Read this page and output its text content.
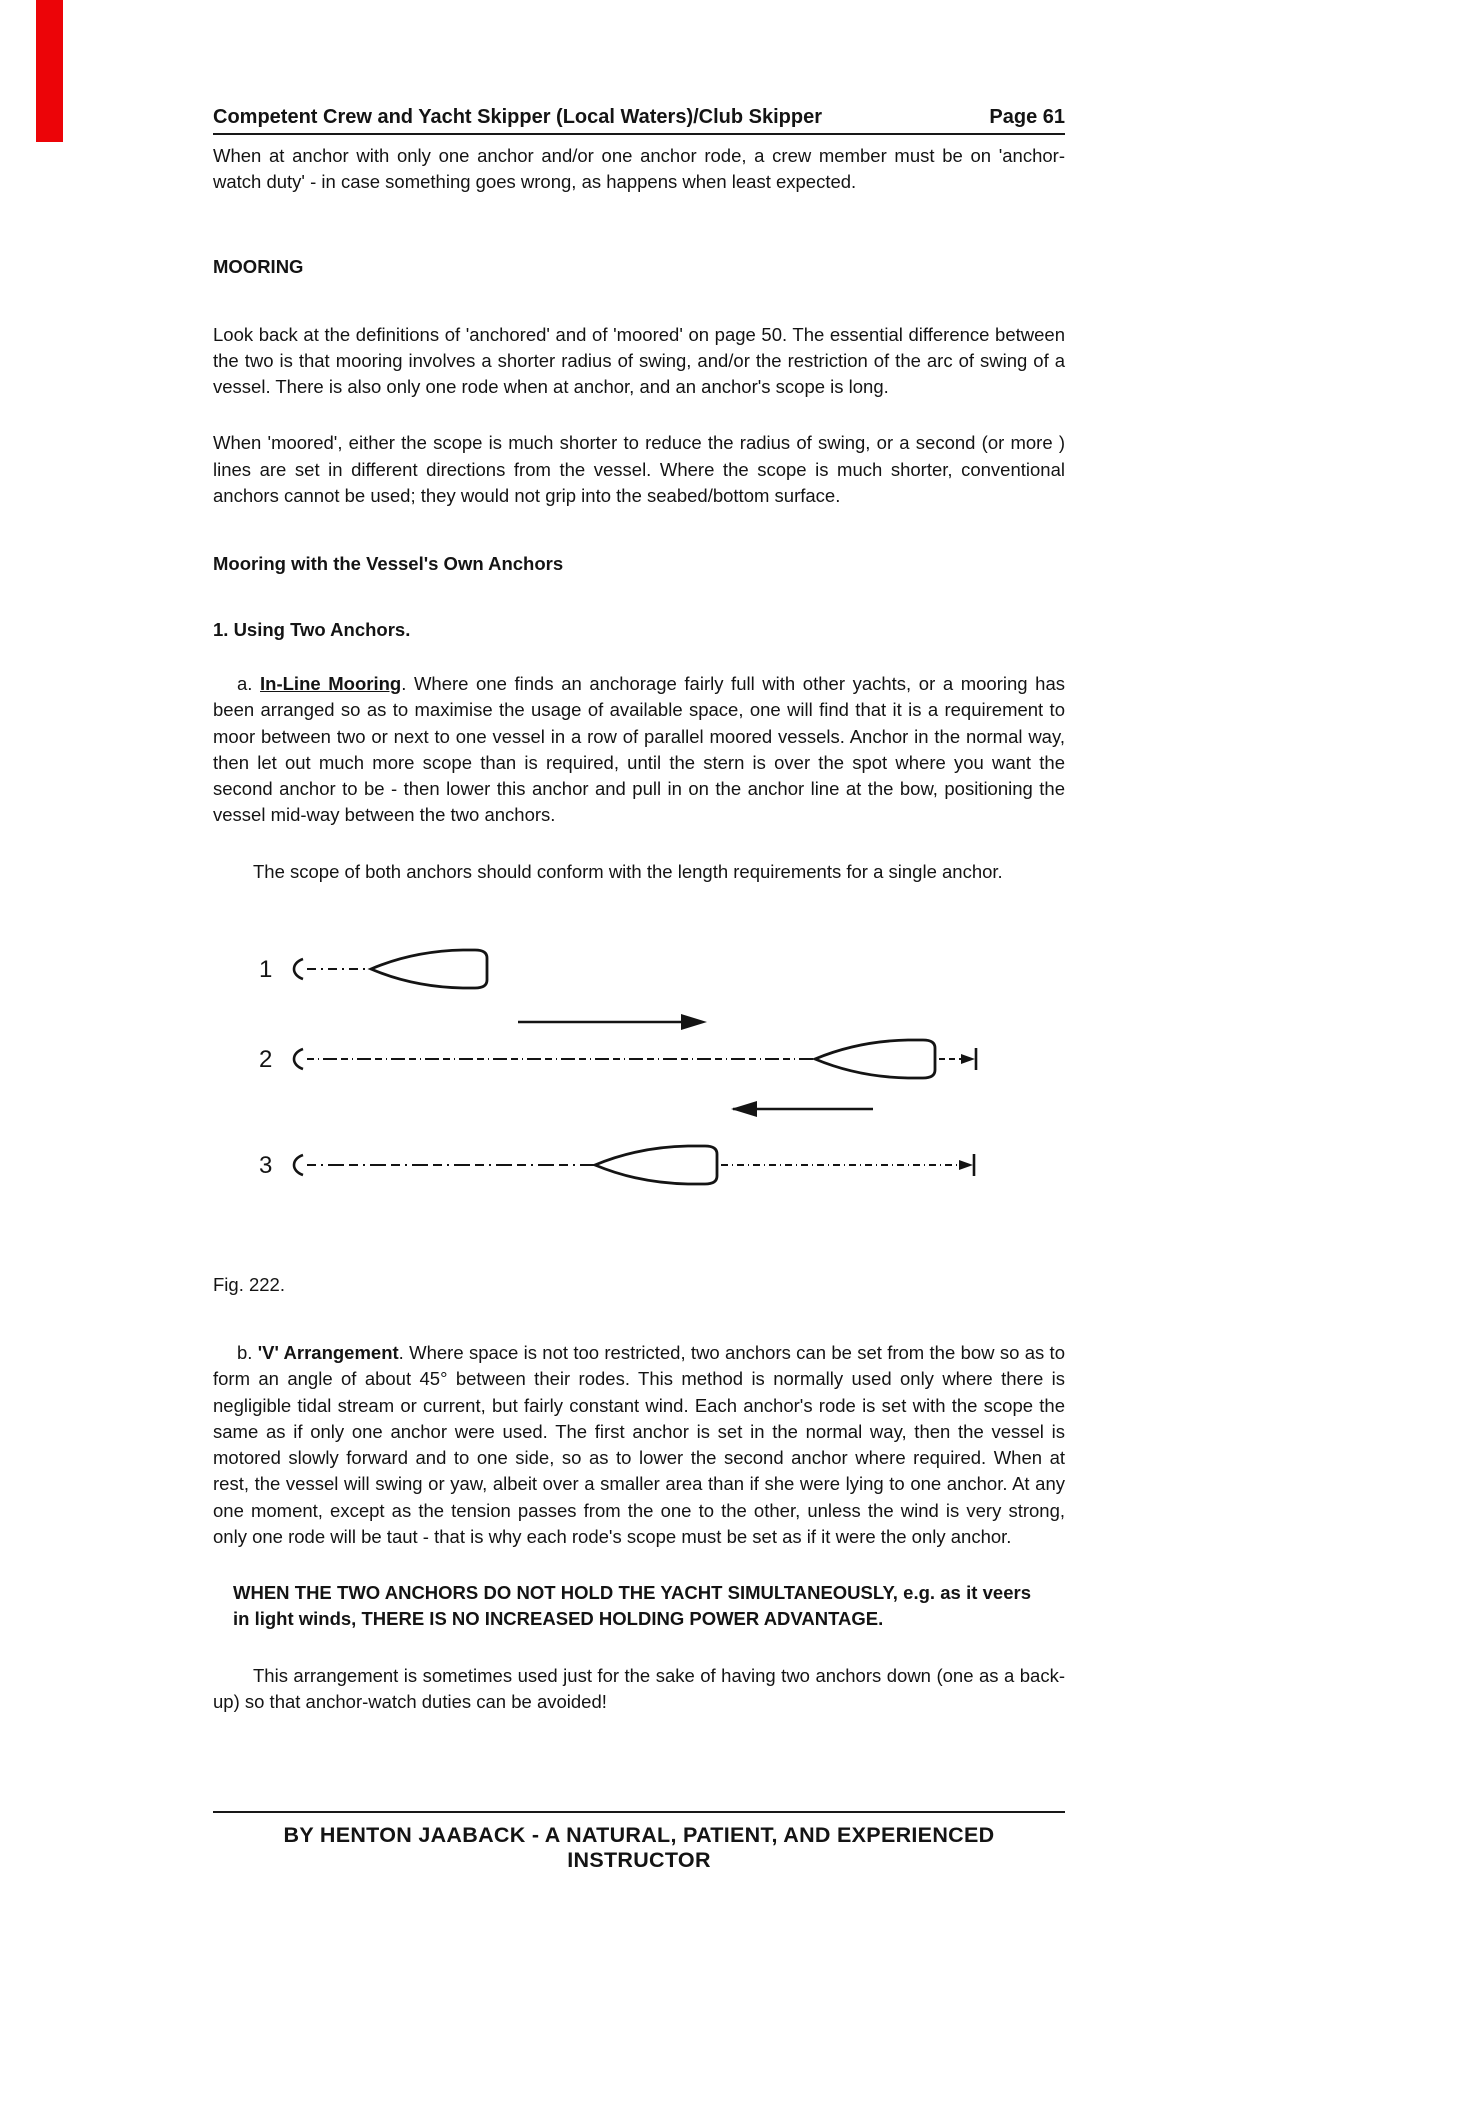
Competent Crew and Yacht Skipper (Local Waters)/Club Skipper	Page 61

When at anchor with only one anchor and/or one anchor rode, a crew member must be on 'anchor-watch duty' - in case something goes wrong, as happens when least expected.

MOORING

Look back at the definitions of 'anchored' and of 'moored' on page 50. The essential difference between the two is that mooring involves a shorter radius of swing, and/or the restriction of the arc of swing of a vessel. There is also only one rode when at anchor, and an anchor's scope is long.

When 'moored', either the scope is much shorter to reduce the radius of swing, or a second (or more ) lines are set in different directions from the vessel. Where the scope is much shorter, conventional anchors cannot be used; they would not grip into the seabed/bottom surface.

Mooring with the Vessel's Own Anchors

1. Using Two Anchors.

a. In-Line Mooring. Where one finds an anchorage fairly full with other yachts, or a mooring has been arranged so as to maximise the usage of available space, one will find that it is a requirement to moor between two or next to one vessel in a row of parallel moored vessels. Anchor in the normal way, then let out much more scope than is required, until the stern is over the spot where you want the second anchor to be - then lower this anchor and pull in on the anchor line at the bow, positioning the vessel mid-way between the two anchors.

The scope of both anchors should conform with the length requirements for a single anchor.

1
2
3

Fig. 222.

b. 'V' Arrangement. Where space is not too restricted, two anchors can be set from the bow so as to form an angle of about 45° between their rodes. This method is normally used only where there is negligible tidal stream or current, but fairly constant wind. Each anchor's rode is set with the scope the same as if only one anchor were used. The first anchor is set in the normal way, then the vessel is motored slowly forward and to one side, so as to lower the second anchor where required. When at rest, the vessel will swing or yaw, albeit over a smaller area than if she were lying to one anchor. At any one moment, except as the tension passes from the one to the other, unless the wind is very strong, only one rode will be taut - that is why each rode's scope must be set as if it were the only anchor.

WHEN THE TWO ANCHORS DO NOT HOLD THE YACHT SIMULTANEOUSLY, e.g. as it veers in light winds, THERE IS NO INCREASED HOLDING POWER ADVANTAGE.

This arrangement is sometimes used just for the sake of having two anchors down (one as a back-up) so that anchor-watch duties can be avoided!

BY HENTON JAABACK - A NATURAL, PATIENT, AND EXPERIENCED INSTRUCTOR
